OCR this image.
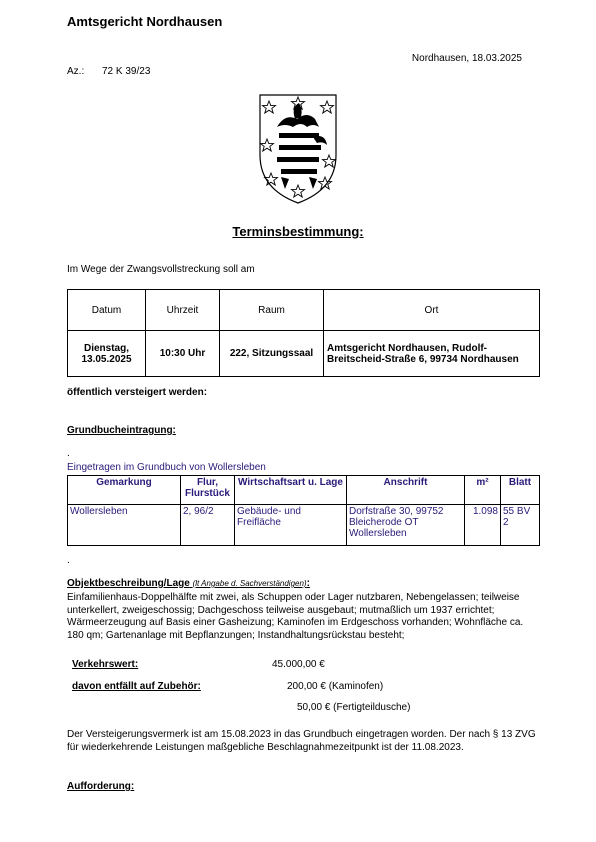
Amtsgericht Nordhausen
Nordhausen, 18.03.2025
Az.: 72 K 39/23
Terminsbestimmung:
Im Wege der Zwangsvollstreckung soll am
Datum	Uhrzeit	Raum	Ort
Dienstag, 13.05.2025	10:30 Uhr	222, Sitzungssaal	Amtsgericht Nordhausen, Rudolf-Breitscheid-Straße 6, 99734 Nordhausen
öffentlich versteigert werden:
Grundbucheintragung:
.
Eingetragen im Grundbuch von Wollersleben
Gemarkung	Flur, Flurstück	Wirtschaftsart u. Lage	Anschrift	m²	Blatt
Wollersleben	2, 96/2	Gebäude- und Freifläche	Dorfstraße 30, 99752 Bleicherode OT Wollersleben	1.098	55 BV 2
.
Objektbeschreibung/Lage (lt Angabe d. Sachverständigen):
Einfamilienhaus-Doppelhälfte mit zwei, als Schuppen oder Lager nutzbaren, Nebengelassen; teilweise unterkellert, zweigeschossig; Dachgeschoss teilweise ausgebaut; mutmaßlich um 1937 errichtet; Wärmeerzeugung auf Basis einer Gasheizung; Kaminofen im Erdgeschoss vorhanden; Wohnfläche ca. 180 qm; Gartenanlage mit Bepflanzungen; Instandhaltungsrückstau besteht;
Verkehrswert:	45.000,00 €
davon entfällt auf Zubehör:	200,00 € (Kaminofen)
50,00 € (Fertigteildusche)
Der Versteigerungsvermerk ist am 15.08.2023 in das Grundbuch eingetragen worden. Der nach § 13 ZVG für wiederkehrende Leistungen maßgebliche Beschlagnahmezeitpunkt ist der 11.08.2023.
Aufforderung:
